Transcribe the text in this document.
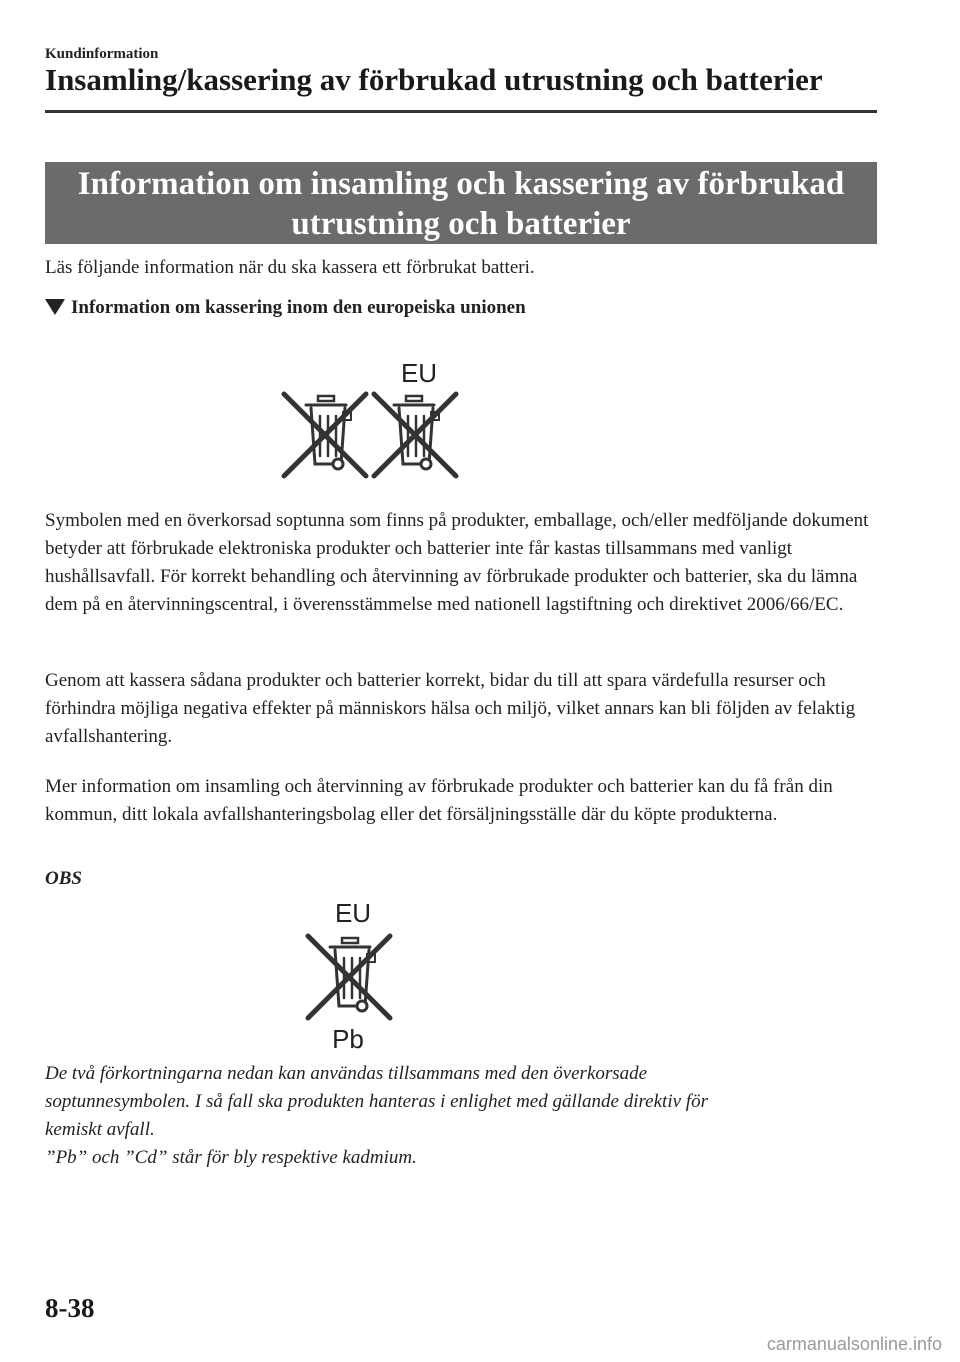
Kundinformation
Insamling/kassering av förbrukad utrustning och batterier
Information om insamling och kassering av förbrukad
utrustning och batterier
Läs följande information när du ska kassera ett förbrukat batteri.
Information om kassering inom den europeiska unionen
EU

Symbolen med en överkorsad soptunna som finns på produkter, emballage, och/eller medföljande dokument betyder att förbrukade elektroniska produkter och batterier inte får kastas tillsammans med vanligt hushållsavfall. För korrekt behandling och återvinning av förbrukade produkter och batterier, ska du lämna dem på en återvinningscentral, i överensstämmelse med nationell lagstiftning och direktivet 2006/66/EC.

Genom att kassera sådana produkter och batterier korrekt, bidar du till att spara värdefulla resurser och förhindra möjliga negativa effekter på människors hälsa och miljö, vilket annars kan bli följden av felaktig avfallshantering.

Mer information om insamling och återvinning av förbrukade produkter och batterier kan du få från din kommun, ditt lokala avfallshanteringsbolag eller det försäljningsställe där du köpte produkterna.

OBS
EU
Pb
De två förkortningarna nedan kan användas tillsammans med den överkorsade
soptunnesymbolen. I så fall ska produkten hanteras i enlighet med gällande direktiv för
kemiskt avfall.
”Pb” och ”Cd” står för bly respektive kadmium.
8-38
carmanualsonline.info
